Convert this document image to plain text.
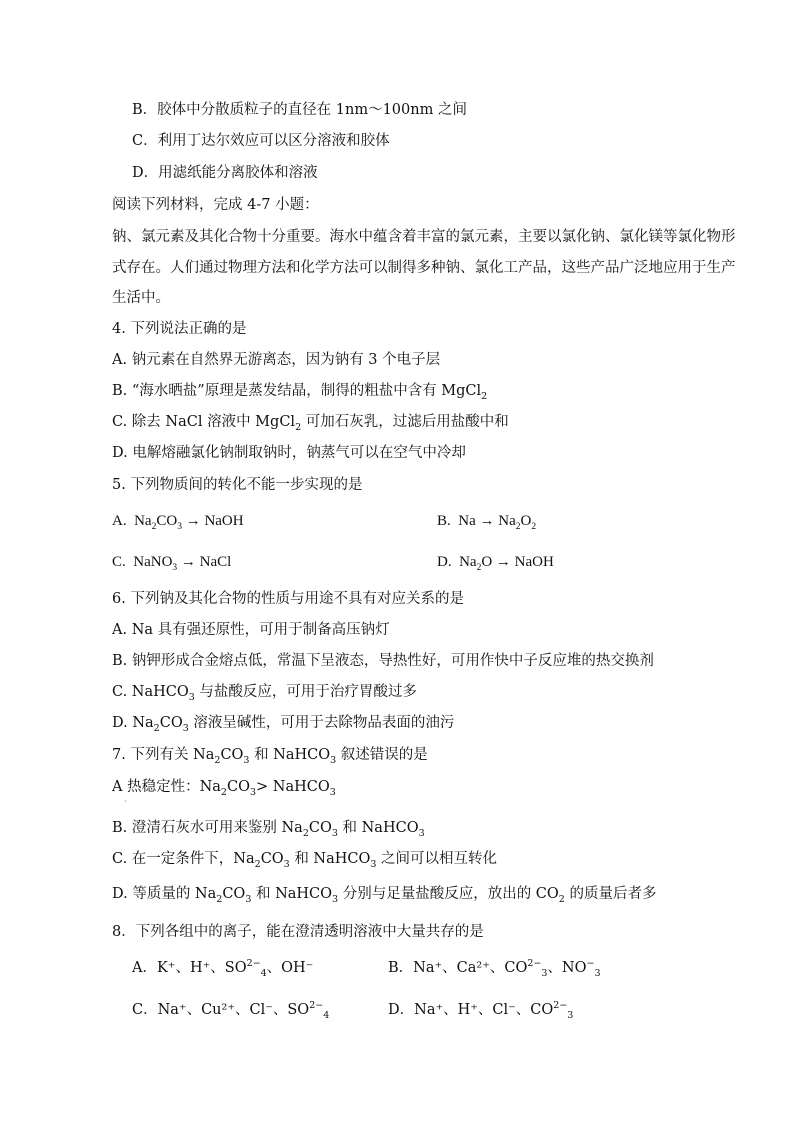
B．胶体中分散质粒子的直径在 1nm～100nm 之间
C．利用丁达尔效应可以区分溶液和胶体
D．用滤纸能分离胶体和溶液
阅读下列材料，完成 4-7 小题：
钠、氯元素及其化合物十分重要。海水中蕴含着丰富的氯元素，主要以氯化钠、氯化镁等氯化物形
式存在。人们通过物理方法和化学方法可以制得多种钠、氯化工产品，这些产品广泛地应用于生产
生活中。
4. 下列说法正确的是
A. 钠元素在自然界无游离态，因为钠有 3 个电子层
B. “海水晒盐”原理是蒸发结晶，制得的粗盐中含有 MgCl$_2$
C. 除去 NaCl 溶液中 MgCl$_2$ 可加石灰乳，过滤后用盐酸中和
D. 电解熔融氯化钠制取钠时，钠蒸气可以在空气中冷却
5. 下列物质间的转化不能一步实现的是
A. $Na_2CO_3$ → NaOH	B. $Na \to Na_2O_2$
C. NaNO$_3$ → NaCl	D. $Na_2O$ → NaOH
6. 下列钠及其化合物的性质与用途不具有对应关系的是
A. Na 具有强还原性，可用于制备高压钠灯
B. 钠钾形成合金熔点低，常温下呈液态，导热性好，可用作快中子反应堆的热交换剂
C. NaHCO$_3$ 与盐酸反应，可用于治疗胃酸过多
D. $Na_2CO_3$ 溶液呈碱性，可用于去除物品表面的油污
7. 下列有关 $Na_2CO_3$ 和 NaHCO$_3$ 叙述错误的是
A 热稳定性：$Na_2CO_3>$ NaHCO$_3$
·
B. 澄清石灰水可用来鉴别 $Na_2CO_3$ 和 NaHCO$_3$
C. 在一定条件下，$Na_2CO_3$ 和 NaHCO$_3$ 之间可以相互转化
D. 等质量的 $Na_2CO_3$ 和 NaHCO$_3$ 分别与足量盐酸反应，放出的 $CO_2$ 的质量后者多
8．下列各组中的离子，能在澄清透明溶液中大量共存的是
A．K⁺、H⁺、$SO^{2-}_4$、OH⁻	B．Na⁺、Ca²⁺、$CO^{2-}_3$、$NO^-_3$
C．Na⁺、Cu²⁺、Cl⁻、$SO^{2-}_4$	D．Na⁺、H⁺、Cl⁻、$CO^{2-}_3$
